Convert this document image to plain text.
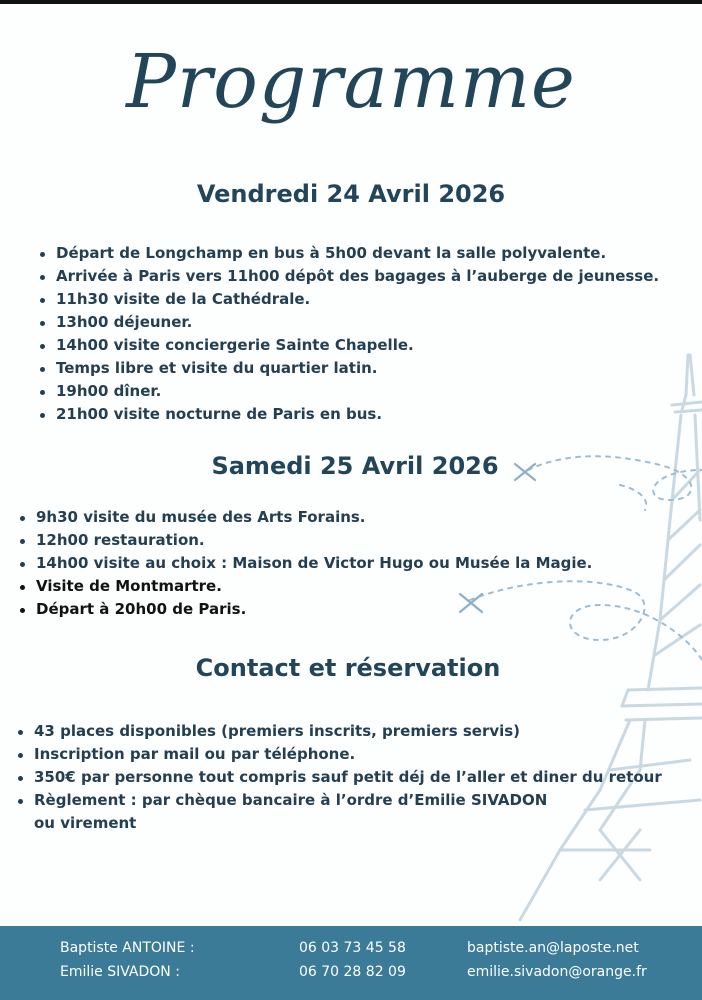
Programme
Vendredi 24 Avril 2026
Départ de Longchamp en bus à 5h00 devant la salle polyvalente.
Arrivée à Paris vers 11h00 dépôt des bagages à l’auberge de jeunesse.
11h30 visite de la Cathédrale.
13h00 déjeuner.
14h00 visite conciergerie Sainte Chapelle.
Temps libre et visite du quartier latin.
19h00 dîner.
21h00 visite nocturne de Paris en bus.
Samedi 25 Avril 2026
9h30 visite du musée des Arts Forains.
12h00 restauration.
14h00 visite au choix : Maison de Victor Hugo ou Musée la Magie.
Visite de Montmartre.
Départ à 20h00 de Paris.
Contact et réservation
43 places disponibles (premiers inscrits, premiers servis)
Inscription par mail ou par téléphone.
350€ par personne tout compris sauf petit déj de l’aller et diner du retour
Règlement : par chèque bancaire à l’ordre d’Emilie SIVADON
ou virement
Baptiste ANTOINE :
Emilie SIVADON :
06 03 73 45 58
06 70 28 82 09
baptiste.an@laposte.net
emilie.sivadon@orange.fr
